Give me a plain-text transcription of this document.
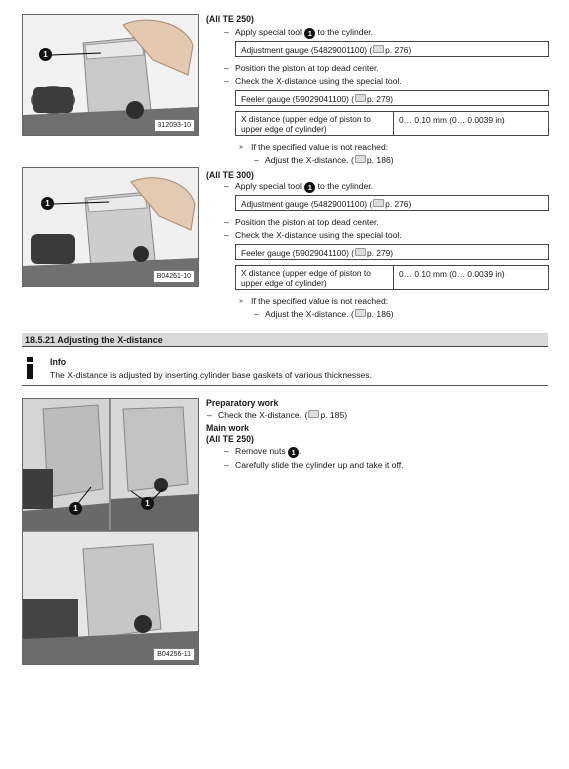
1
312093-10
1
B04261-10
1
1
B04256-11
(All TE 250)
– Apply special tool 1 to the cylinder.
Adjustment gauge (54829001100) ( p. 276)
– Position the piston at top dead center.
– Check the X-distance using the special tool.
Feeler gauge (59029041100) ( p. 279)
X distance (upper edge of piston to upper edge of cylinder)
0… 0.10 mm (0… 0.0039 in)
» If the specified value is not reached:
– Adjust the X-distance. ( p. 186)
(All TE 300)
– Apply special tool 1 to the cylinder.
Adjustment gauge (54829001100) ( p. 276)
– Position the piston at top dead center.
– Check the X-distance using the special tool.
Feeler gauge (59029041100) ( p. 279)
X distance (upper edge of piston to upper edge of cylinder)
0… 0.10 mm (0… 0.0039 in)
» If the specified value is not reached:
– Adjust the X-distance. ( p. 186)
18.5.21 Adjusting the X-distance
Info
The X-distance is adjusted by inserting cylinder base gaskets of various thicknesses.
Preparatory work
– Check the X-distance. ( p. 185)
Main work
(All TE 250)
– Remove nuts 1 .
– Carefully slide the cylinder up and take it off.
